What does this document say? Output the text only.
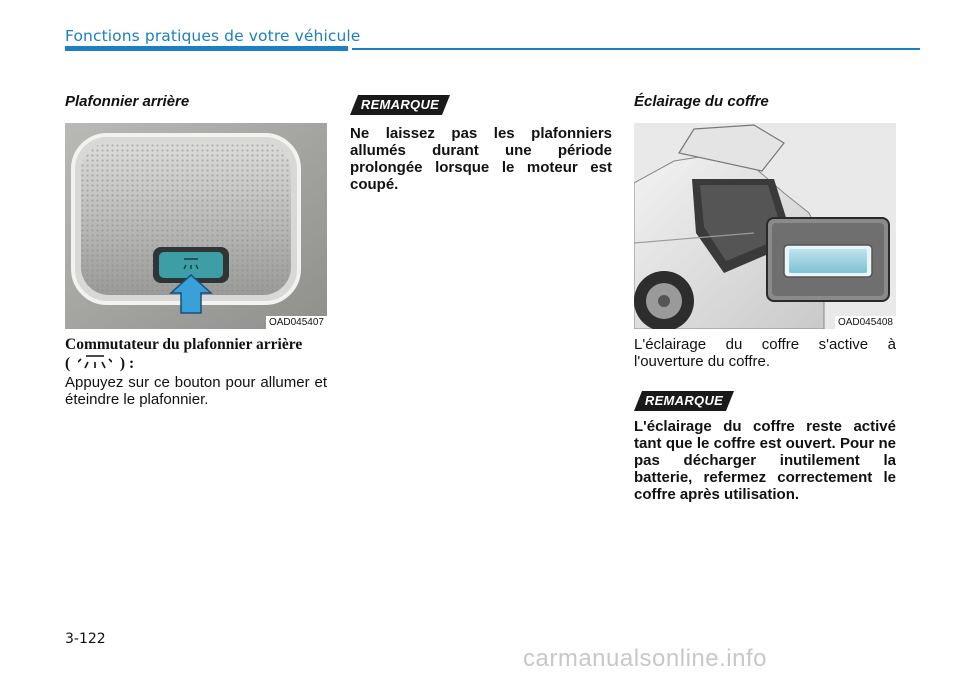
Fonctions pratiques de votre véhicule
Plafonnier arrière
OAD045407
Commutateur du plafonnier arrière
(	) :

Appuyez sur ce bouton pour allumer et éteindre le plafonnier.

REMARQUE

Ne laissez pas les plafonniers allumés durant une période prolongée lorsque le moteur est coupé.

Éclairage du coffre
OAD045408

L'éclairage du coffre s'active à l'ouverture du coffre.

REMARQUE

L'éclairage du coffre reste activé tant que le coffre est ouvert. Pour ne pas décharger inutilement la batterie, refermez correctement le coffre après utilisation.

3-122
carmanualsonline.info
